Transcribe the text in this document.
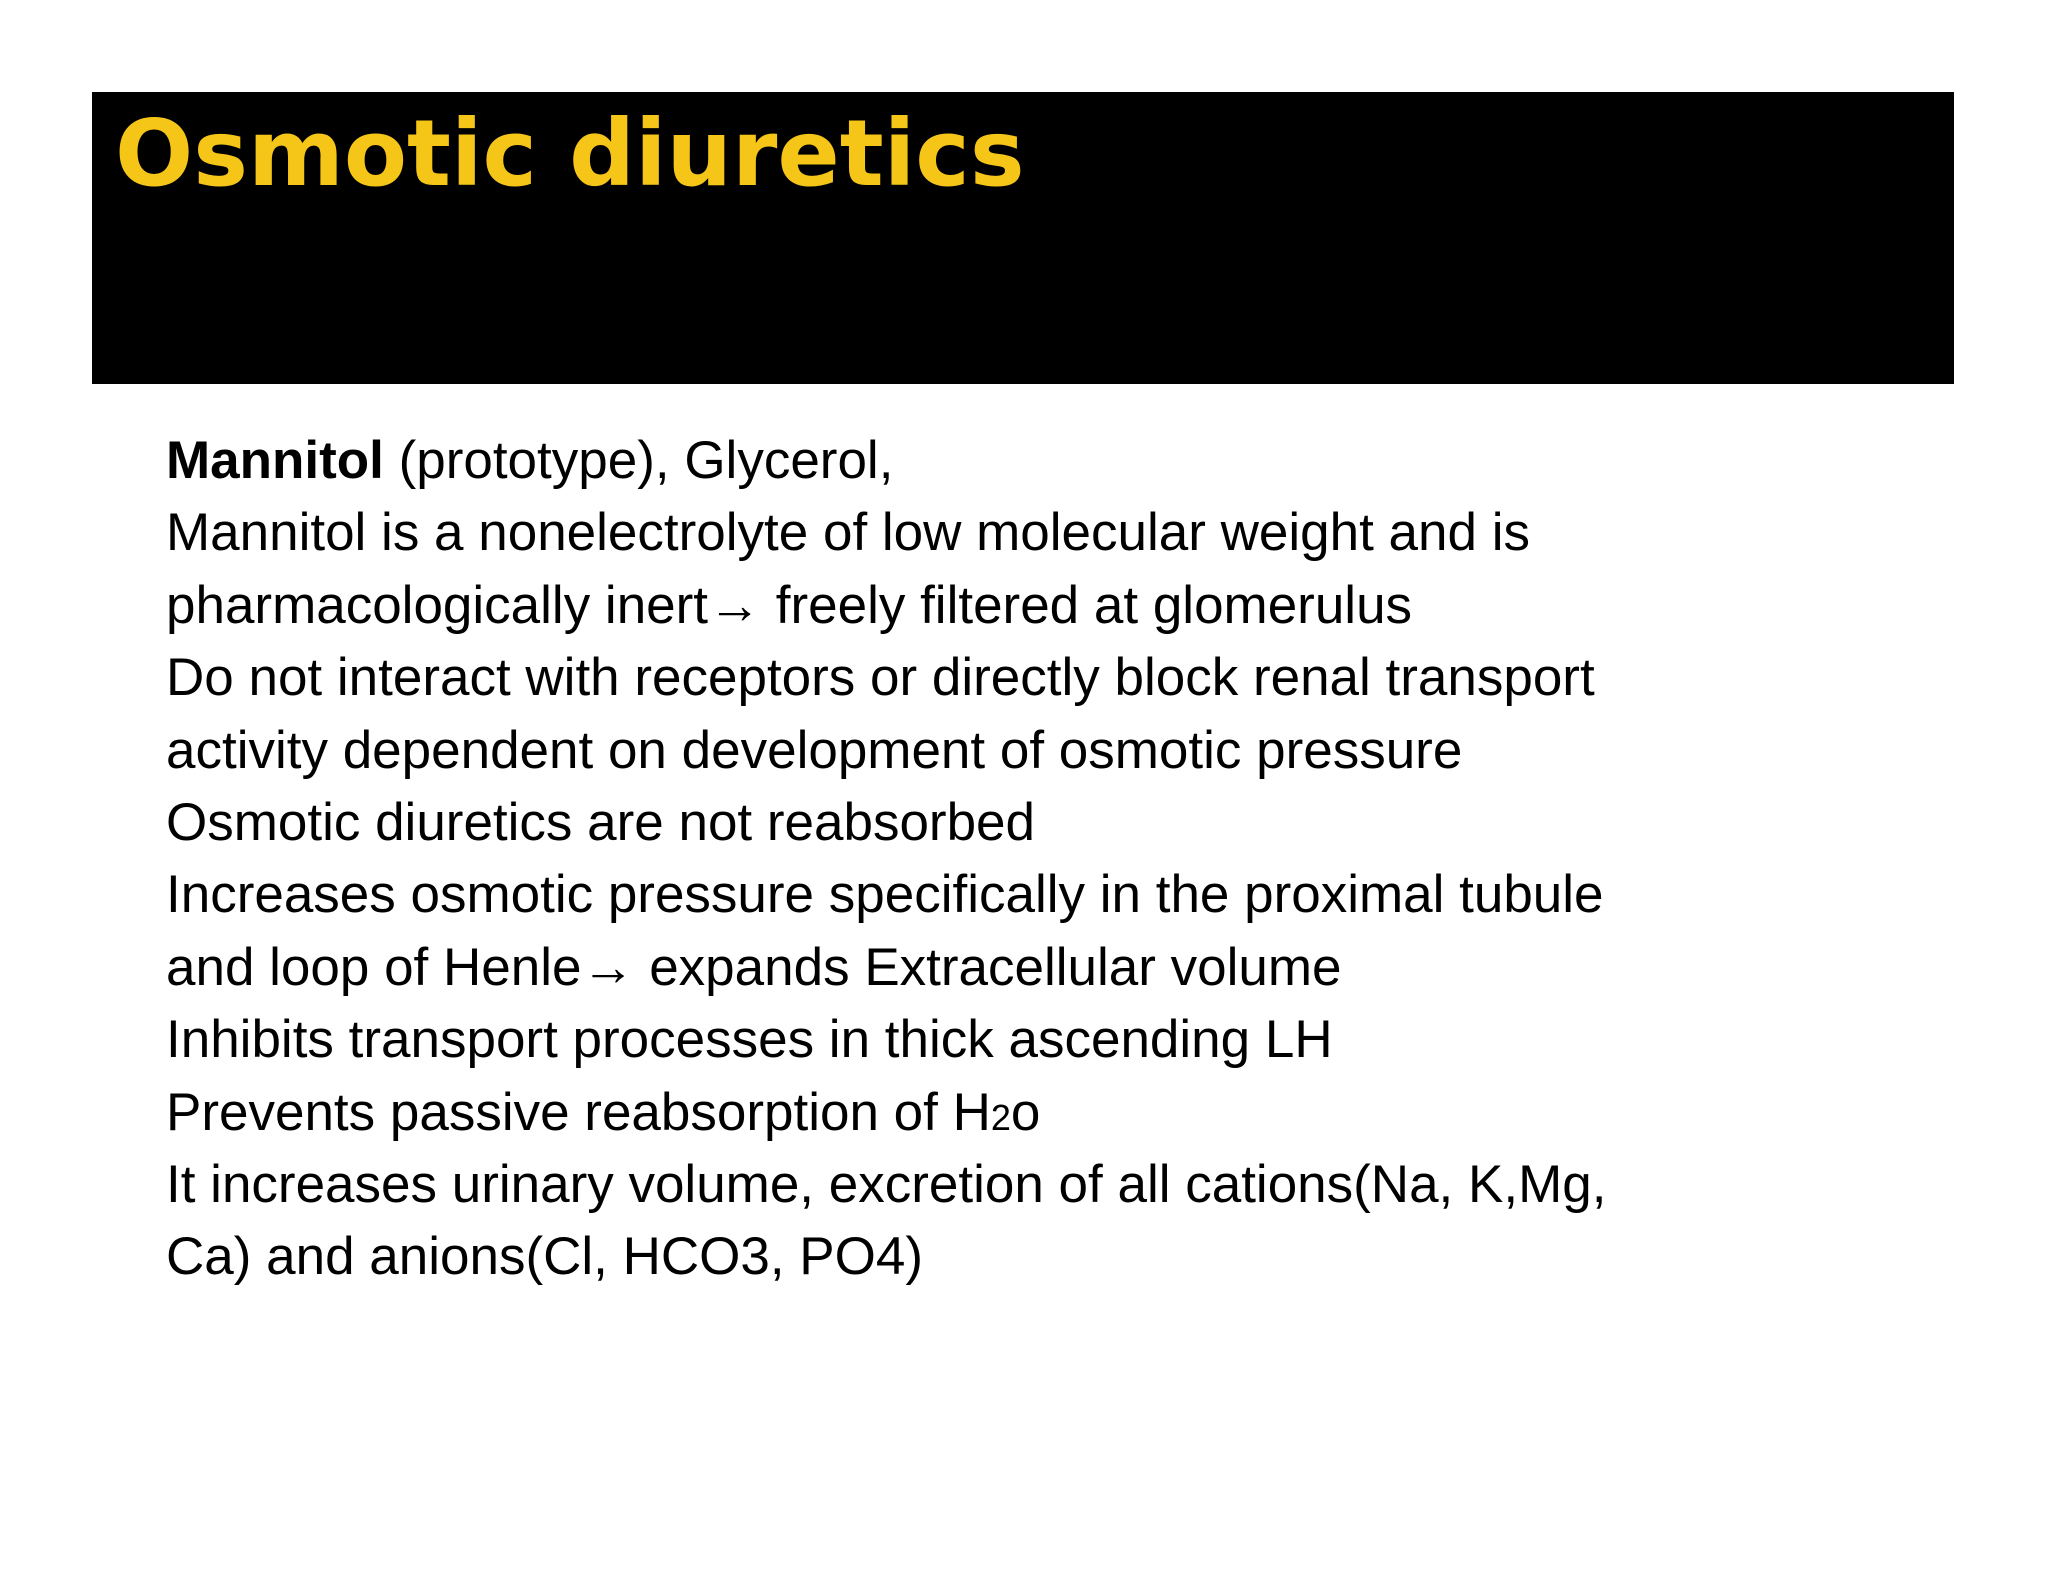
Osmotic diuretics
Mannitol (prototype), Glycerol,
Mannitol is a nonelectrolyte of low molecular weight and is
pharmacologically inert→ freely filtered at glomerulus
Do not interact with receptors or directly block renal transport
activity dependent on development of osmotic pressure
Osmotic diuretics are not reabsorbed
Increases osmotic pressure specifically in the proximal tubule
and loop of Henle→ expands Extracellular volume
Inhibits transport processes in thick ascending LH
Prevents passive reabsorption of H2o
It increases urinary volume, excretion of all cations(Na, K,Mg,
Ca) and anions(Cl, HCO3, PO4)
